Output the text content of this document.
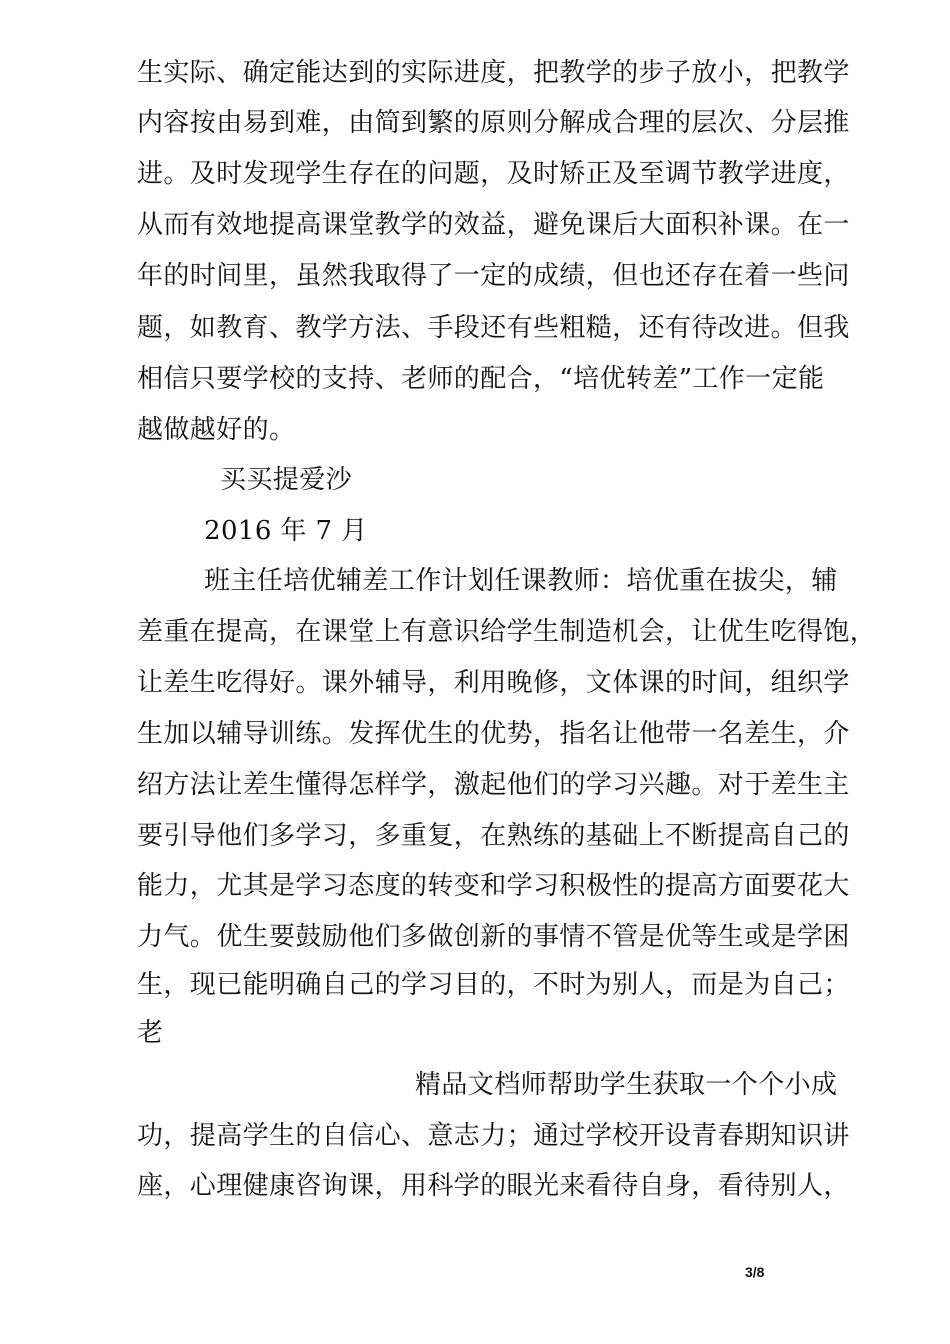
生实际、确定能达到的实际进度，把教学的步子放小，把教学
内容按由易到难，由简到繁的原则分解成合理的层次、分层推
进。及时发现学生存在的问题，及时矫正及至调节教学进度，
从而有效地提高课堂教学的效益，避免课后大面积补课。在一
年的时间里，虽然我取得了一定的成绩，但也还存在着一些问
题，如教育、教学方法、手段还有些粗糙，还有待改进。但我
相信只要学校的支持、老师的配合，“培优转差”工作一定能
越做越好的。
买买提爱沙
2016 年 7 月
班主任培优辅差工作计划任课教师：培优重在拔尖，辅
差重在提高，在课堂上有意识给学生制造机会，让优生吃得饱，
让差生吃得好。课外辅导，利用晚修，文体课的时间，组织学
生加以辅导训练。发挥优生的优势，指名让他带一名差生，介
绍方法让差生懂得怎样学，激起他们的学习兴趣。对于差生主
要引导他们多学习，多重复，在熟练的基础上不断提高自己的
能力，尤其是学习态度的转变和学习积极性的提高方面要花大
力气。优生要鼓励他们多做创新的事情不管是优等生或是学困
生，现已能明确自己的学习目的，不时为别人，而是为自己；
老
精品文档师帮助学生获取一个个小成
功，提高学生的自信心、意志力；通过学校开设青春期知识讲
座，心理健康咨询课，用科学的眼光来看待自身，看待别人，
3/8
